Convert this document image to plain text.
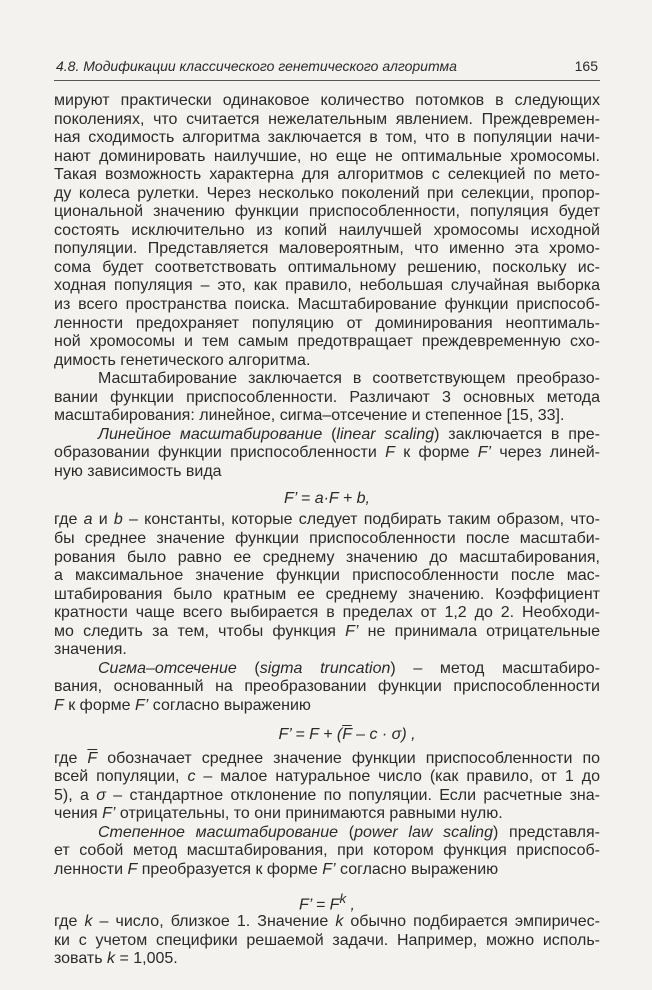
4.8. Модификации классического генетического алгоритма	165
мируют практически одинаковое количество потомков в следующих
поколениях, что считается нежелательным явлением. Преждевремен-
ная сходимость алгоритма заключается в том, что в популяции начи-
нают доминировать наилучшие, но еще не оптимальные хромосомы.
Такая возможность характерна для алгоритмов с селекцией по мето-
ду колеса рулетки. Через несколько поколений при селекции, пропор-
циональной значению функции приспособленности, популяция будет
состоять исключительно из копий наилучшей хромосомы исходной
популяции. Представляется маловероятным, что именно эта хромо-
сома будет соответствовать оптимальному решению, поскольку ис-
ходная популяция – это, как правило, небольшая случайная выборка
из всего пространства поиска. Масштабирование функции приспособ-
ленности предохраняет популяцию от доминирования неоптималь-
ной хромосомы и тем самым предотвращает преждевременную схо-
димость генетического алгоритма.
Масштабирование заключается в соответствующем преобразо-
вании функции приспособленности. Различают 3 основных метода
масштабирования: линейное, сигма–отсечение и степенное [15, 33].
Линейное масштабирование (linear scaling) заключается в пре-
образовании функции приспособленности F к форме F’ через линей-
ную зависимость вида
F’ = a·F + b,
где a и b – константы, которые следует подбирать таким образом, что-
бы среднее значение функции приспособленности после масштаби-
рования было равно ее среднему значению до масштабирования,
а максимальное значение функции приспособленности после мас-
штабирования было кратным ее среднему значению. Коэффициент
кратности чаще всего выбирается в пределах от 1,2 до 2. Необходи-
мо следить за тем, чтобы функция F’ не принимала отрицательные
значения.
Сигма–отсечение (sigma truncation) – метод масштабиро-
вания, основанный на преобразовании функции приспособленности
F к форме F’ согласно выражению
F’ = $F + (\overline{F} - c \cdot \sigma)$ ,
где $\overline{F}$ обозначает среднее значение функции приспособленности по
всей популяции, c – малое натуральное число (как правило, от 1 до
5), а σ – стандартное отклонение по популяции. Если расчетные зна-
чения F’ отрицательны, то они принимаются равными нулю.
Степенное масштабирование (power law scaling) представля-
ет собой метод масштабирования, при котором функция приспособ-
ленности F преобразуется к форме F’ согласно выражению
F’ = $F^k$ ,
где k – число, близкое 1. Значение k обычно подбирается эмпиричес-
ки с учетом специфики решаемой задачи. Например, можно исполь-
зовать k = 1,005.
